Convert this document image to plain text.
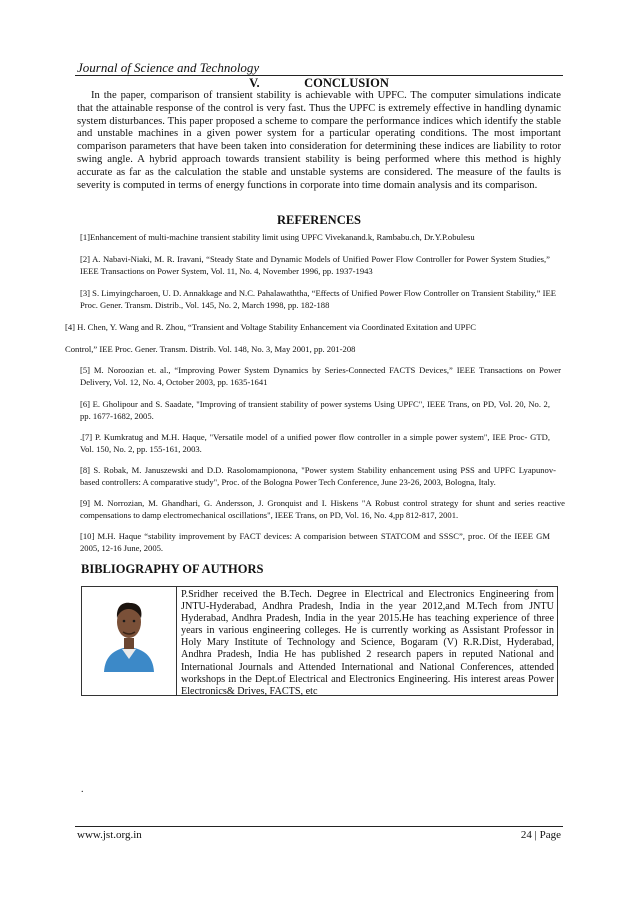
Journal of Science and Technology
V.	CONCLUSION

In the paper, comparison of transient stability is achievable with UPFC. The computer simulations indicate that the attainable response of the control is very fast. Thus the UPFC is extremely effective in handling dynamic system disturbances. This paper proposed a scheme to compare the performance indices which identify the stable and unstable machines in a given power system for a particular operating conditions. The most important comparison parameters that have been taken into consideration for determining these indices are liability to rotor swing angle. A hybrid approach towards transient stability is being performed where this method is highly accurate as far as the calculation the stable and unstable systems are considered. The measure of the faults is severity is computed in terms of energy functions in corporate into time domain analysis and its comparison.

REFERENCES

[1]Enhancement of multi-machine transient stability limit using UPFC Vivekanand.k, Rambabu.ch, Dr.Y.P.obulesu

[2] A. Nabavi-Niaki, M. R. Iravani, “Steady State and Dynamic Models of Unified Power Flow Controller for Power System Studies,” IEEE Transactions on Power System, Vol. 11, No. 4, November 1996, pp. 1937-1943

[3] S. Limyingcharoen, U. D. Annakkage and N.C. Pahalawaththa, “Effects of Unified Power Flow Controller on Transient Stability,” IEE Proc. Gener. Transm. Distrib., Vol. 145, No. 2, March 1998, pp. 182-188

[4] H. Chen, Y. Wang and R. Zhou, “Transient and Voltage Stability Enhancement via Coordinated Exitation and UPFC

Control,” IEE Proc. Gener. Transm. Distrib. Vol. 148, No. 3, May 2001, pp. 201-208

[5] M. Noroozian et. al., “Improving Power System Dynamics by Series-Connected FACTS Devices,” IEEE Transactions on Power Delivery, Vol. 12, No. 4, October 2003, pp. 1635-1641

[6] E. Gholipour and S. Saadate, "Improving of transient stability of power systems Using UPFC", IEEE Trans, on PD, Vol. 20, No. 2, pp. 1677-1682, 2005.

.[7] P. Kumkratug and M.H. Haque, "Versatile model of a unified power flow controller in a simple power system", IEE Proc- GTD, Vol. 150, No. 2, pp. 155-161, 2003.

[8] S. Robak, M. Januszewski and D.D. Rasolomampionona, "Power system Stability enhancement using PSS and UPFC Lyapunov-based controllers: A comparative study", Proc. of the Bologna Power Tech Conference, June 23-26, 2003, Bologna, Italy.

[9] M. Norrozian, M. Ghandhari, G. Andersson, J. Gronquist and I. Hiskens "A Robust control strategy for shunt and series reactive compensations to damp electromechanical oscillations", IEEE Trans, on PD, Vol. 16, No. 4,pp 812-817, 2001.

[10] M.H. Haque “stability improvement by FACT devices: A comparision between STATCOM and SSSC”, proc. Of the IEEE GM 2005, 12-16 June, 2005.

BIBLIOGRAPHY OF AUTHORS

P.Sridher received the B.Tech. Degree in Electrical and Electronics Engineering from JNTU-Hyderabad, Andhra Pradesh, India in the year 2012,and M.Tech from JNTU Hyderabad, Andhra Pradesh, India in the year 2015.He has teaching experience of three years in various engineering colleges. He is currently working as Assistant Professor in Holy Mary Institute of Technology and Science, Bogaram (V) R.R.Dist, Hyderabad, Andhra Pradesh, India He has published 2 research papers in reputed National and International Journals and Attended International and National Conferences, attended workshops in the Dept.of Electrical and Electronics Engineering. His interest areas Power Electronics& Drives, FACTS, etc

.
www.jst.org.in	24 | Page
